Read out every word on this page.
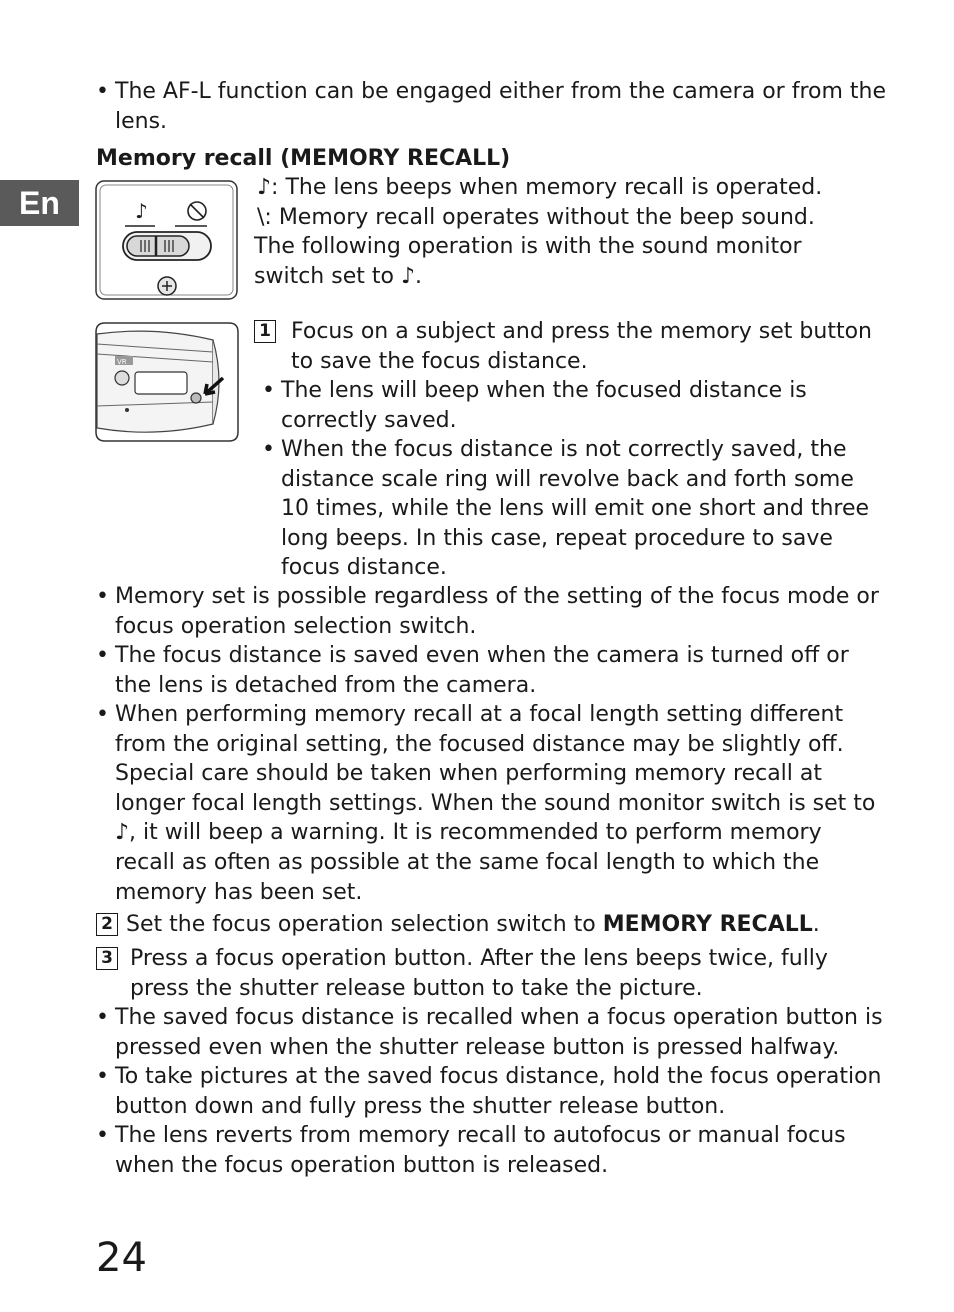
En
• The AF-L function can be engaged either from the camera or from the lens.
Memory recall (MEMORY RECALL)
♪
♪: The lens beeps when memory recall is operated.
\: Memory recall operates without the beep sound.
The following operation is with the sound monitor
switch set to ♪.
VR
1 Focus on a subject and press the memory set button to save the focus distance.
• The lens will beep when the focused distance is correctly saved.
• When the focus distance is not correctly saved, the distance scale ring will revolve back and forth some 10 times, while the lens will emit one short and three long beeps. In this case, repeat procedure to save focus distance.
• Memory set is possible regardless of the setting of the focus mode or focus operation selection switch.
• The focus distance is saved even when the camera is turned off or the lens is detached from the camera.
• When performing memory recall at a focal length setting different from the original setting, the focused distance may be slightly off. Special care should be taken when performing memory recall at longer focal length settings. When the sound monitor switch is set to ♪, it will beep a warning. It is recommended to perform memory recall as often as possible at the same focal length to which the memory has been set.
2 Set the focus operation selection switch to MEMORY RECALL.
3 Press a focus operation button. After the lens beeps twice, fully press the shutter release button to take the picture.
• The saved focus distance is recalled when a focus operation button is pressed even when the shutter release button is pressed halfway.
• To take pictures at the saved focus distance, hold the focus operation button down and fully press the shutter release button.
• The lens reverts from memory recall to autofocus or manual focus when the focus operation button is released.
24
